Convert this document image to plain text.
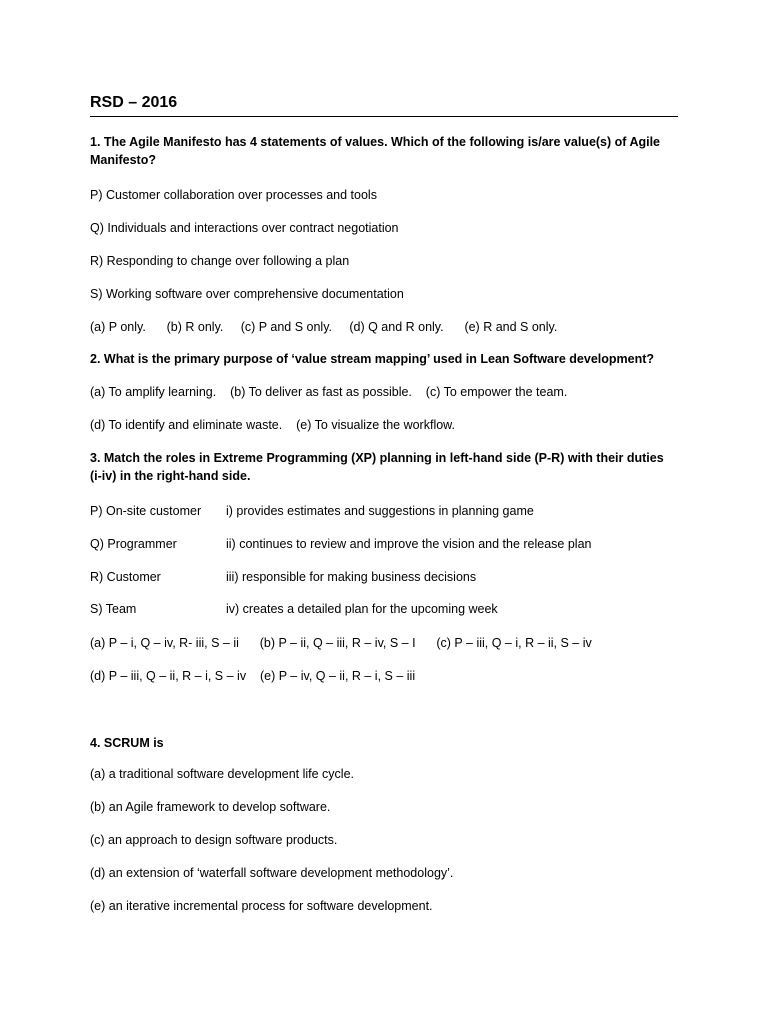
RSD – 2016
1. The Agile Manifesto has 4 statements of values. Which of the following is/are value(s) of Agile Manifesto?
P) Customer collaboration over processes and tools
Q) Individuals and interactions over contract negotiation
R) Responding to change over following a plan
S) Working software over comprehensive documentation
(a) P only.      (b) R only.     (c) P and S only.     (d) Q and R only.      (e) R and S only.
2. What is the primary purpose of ‘value stream mapping’ used in Lean Software development?
(a) To amplify learning.    (b) To deliver as fast as possible.    (c) To empower the team.
(d) To identify and eliminate waste.    (e) To visualize the workflow.
3. Match the roles in Extreme Programming (XP) planning in left-hand side (P-R) with their duties (i-iv) in the right-hand side.
P) On-site customer i) provides estimates and suggestions in planning game
Q) Programmer	ii) continues to review and improve the vision and the release plan
R) Customer	iii) responsible for making business decisions
S) Team	iv) creates a detailed plan for the upcoming week
(a) P – i, Q – iv, R- iii, S – ii      (b) P – ii, Q – iii, R – iv, S – I      (c) P – iii, Q – i, R – ii, S – iv
(d) P – iii, Q – ii, R – i, S – iv    (e) P – iv, Q – ii, R – i, S – iii
4. SCRUM is
(a) a traditional software development life cycle.
(b) an Agile framework to develop software.
(c) an approach to design software products.
(d) an extension of ‘waterfall software development methodology’.
(e) an iterative incremental process for software development.
